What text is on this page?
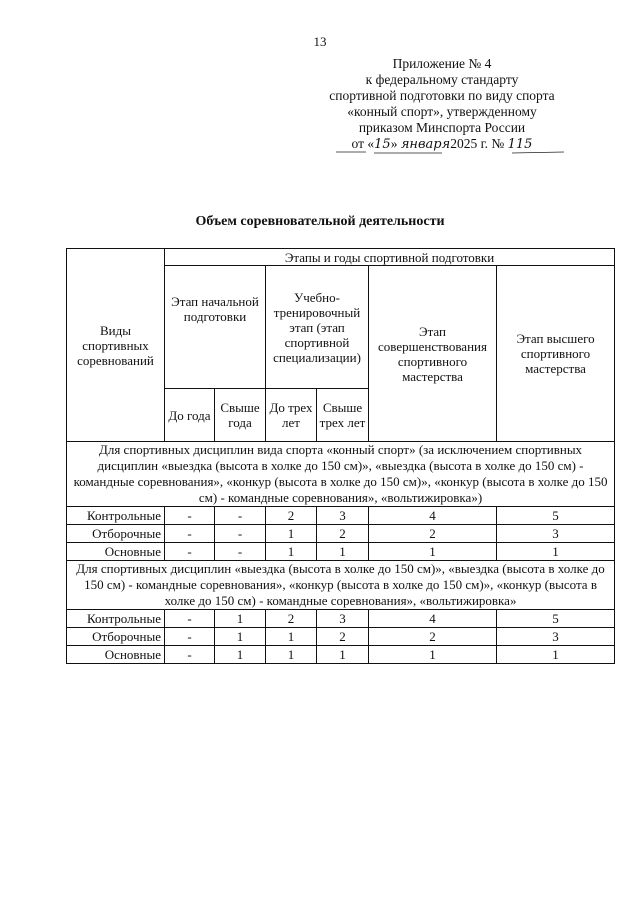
13
Приложение № 4
к федеральному стандарту
спортивной подготовки по виду спорта
«конный спорт», утвержденному
приказом Минспорта России
от «15» января2025 г. № 115
Объем соревновательной деятельности
Виды спортивных соревнований	Этапы и годы спортивной подготовки					
	Этап начальной подготовки		Учебно-тренировочный этап (этап спортивной специализации)		Этап совершенствования спортивного мастерства	Этап высшего спортивного мастерства
	До года	Свыше года	До трех лет	Свыше трех лет		
Для спортивных дисциплин вида спорта «конный спорт» (за исключением спортивных дисциплин «выездка (высота в холке до 150 см)», «выездка (высота в холке до 150 см) - командные соревнования», «конкур (высота в холке до 150 см)», «конкур (высота в холке до 150 см) - командные соревнования», «вольтижировка»)						
Контрольные	-	-	2	3	4	5
Отборочные	-	-	1	2	2	3
Основные	-	-	1	1	1	1
Для спортивных дисциплин «выездка (высота в холке до 150 см)», «выездка (высота в холке до 150 см) - командные соревнования», «конкур (высота в холке до 150 см)», «конкур (высота в холке до 150 см) - командные соревнования», «вольтижировка»						
Контрольные	-	1	2	3	4	5
Отборочные	-	1	1	2	2	3
Основные	-	1	1	1	1	1
